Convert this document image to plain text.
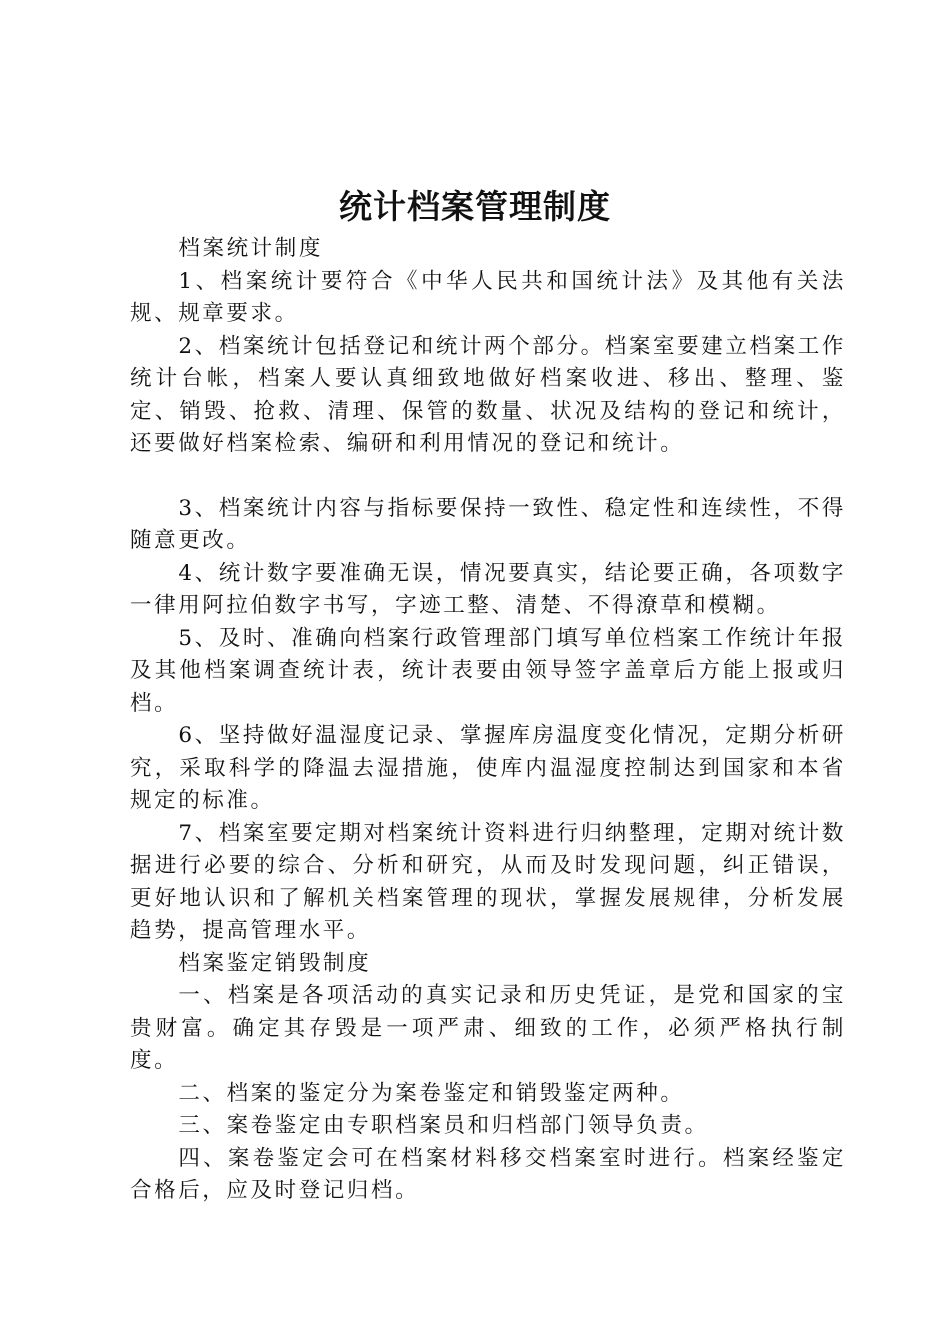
统计档案管理制度

档案统计制度

1、档案统计要符合《中华人民共和国统计法》及其他有关法规、规章要求。

2、档案统计包括登记和统计两个部分。档案室要建立档案工作统计台帐，档案人要认真细致地做好档案收进、移出、整理、鉴定、销毁、抢救、清理、保管的数量、状况及结构的登记和统计，还要做好档案检索、编研和利用情况的登记和统计。

3、档案统计内容与指标要保持一致性、稳定性和连续性，不得随意更改。

4、统计数字要准确无误，情况要真实，结论要正确，各项数字一律用阿拉伯数字书写，字迹工整、清楚、不得潦草和模糊。

5、及时、准确向档案行政管理部门填写单位档案工作统计年报及其他档案调查统计表，统计表要由领导签字盖章后方能上报或归档。

6、坚持做好温湿度记录、掌握库房温度变化情况，定期分析研究，采取科学的降温去湿措施，使库内温湿度控制达到国家和本省规定的标准。

7、档案室要定期对档案统计资料进行归纳整理，定期对统计数据进行必要的综合、分析和研究，从而及时发现问题，纠正错误，更好地认识和了解机关档案管理的现状，掌握发展规律，分析发展趋势，提高管理水平。

档案鉴定销毁制度

一、档案是各项活动的真实记录和历史凭证，是党和国家的宝贵财富。确定其存毁是一项严肃、细致的工作，必须严格执行制度。

二、档案的鉴定分为案卷鉴定和销毁鉴定两种。

三、案卷鉴定由专职档案员和归档部门领导负责。

四、案卷鉴定会可在档案材料移交档案室时进行。档案经鉴定合格后，应及时登记归档。
